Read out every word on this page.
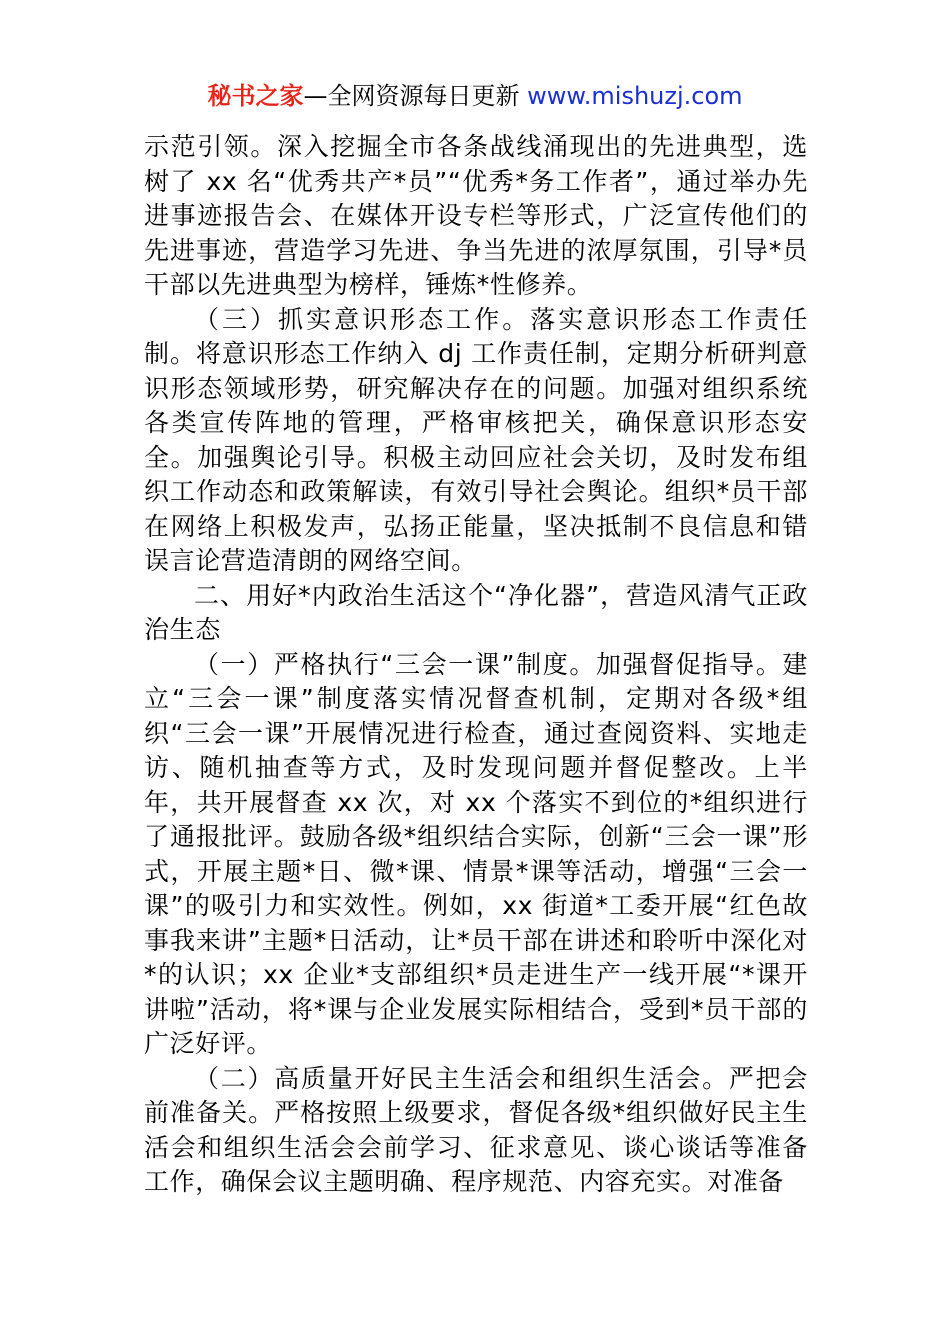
秘书之家—全网资源每日更新 www.mishuzj.com

示范引领。深入挖掘全市各条战线涌现出的先进典型，选树了 xx 名“优秀共产*员”“优秀*务工作者”，通过举办先进事迹报告会、在媒体开设专栏等形式，广泛宣传他们的先进事迹，营造学习先进、争当先进的浓厚氛围，引导*员干部以先进典型为榜样，锤炼*性修养。

（三）抓实意识形态工作。落实意识形态工作责任制。将意识形态工作纳入 dj 工作责任制，定期分析研判意识形态领域形势，研究解决存在的问题。加强对组织系统各类宣传阵地的管理，严格审核把关，确保意识形态安全。加强舆论引导。积极主动回应社会关切，及时发布组织工作动态和政策解读，有效引导社会舆论。组织*员干部在网络上积极发声，弘扬正能量，坚决抵制不良信息和错误言论营造清朗的网络空间。

二、用好*内政治生活这个“净化器”，营造风清气正政治生态

（一）严格执行“三会一课”制度。加强督促指导。建立“三会一课”制度落实情况督查机制，定期对各级*组织“三会一课”开展情况进行检查，通过查阅资料、实地走访、随机抽查等方式，及时发现问题并督促整改。上半年，共开展督查 xx 次，对 xx 个落实不到位的*组织进行了通报批评。鼓励各级*组织结合实际，创新“三会一课”形式，开展主题*日、微*课、情景*课等活动，增强“三会一课”的吸引力和实效性。例如，xx 街道*工委开展“红色故事我来讲”主题*日活动，让*员干部在讲述和聆听中深化对*的认识；xx 企业*支部组织*员走进生产一线开展“*课开讲啦”活动，将*课与企业发展实际相结合，受到*员干部的广泛好评。

（二）高质量开好民主生活会和组织生活会。严把会前准备关。严格按照上级要求，督促各级*组织做好民主生活会和组织生活会会前学习、征求意见、谈心谈话等准备工作，确保会议主题明确、程序规范、内容充实。对准备
